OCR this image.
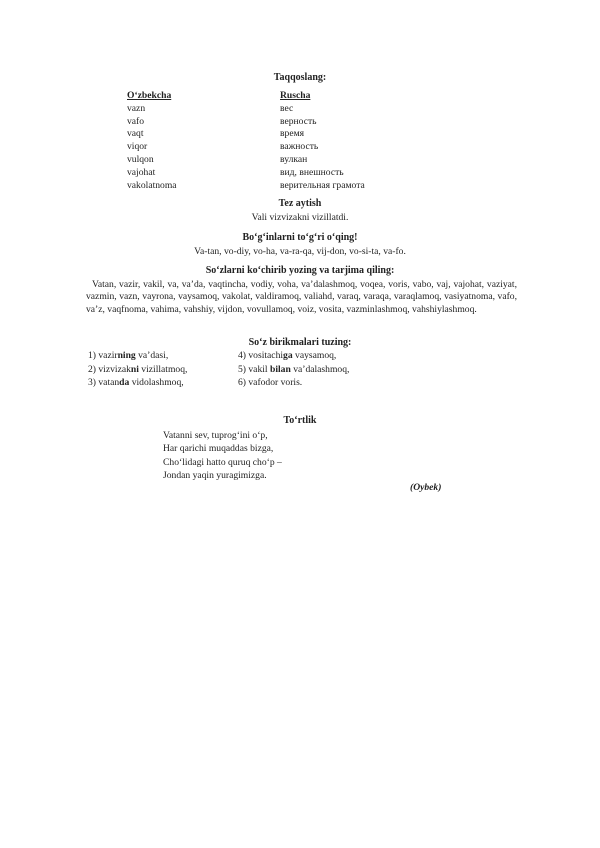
Taqqoslang:
O‘zbekcha	Ruscha
vazn	вес
vafo	верность
vaqt	время
viqor	важность
vulqon	вулкан
vajohat	вид, внешность
vakolatnoma	верительная грамота
Tez aytish
Vali vizvizakni vizillatdi.
Bo‘g‘inlarni to‘g‘ri o‘qing!
Va-tan, vo-diy, vo-ha, va-ra-qa, vij-don, vo-si-ta, va-fo.
So‘zlarni ko‘chirib yozing va tarjima qiling:
Vatan, vazir, vakil, va, va’da, vaqtincha, vodiy, voha, va’dalashmoq, voqea, voris, vabo, vaj, vajohat, vaziyat, vazmin, vazn, vayrona, vaysamoq, vakolat, valdiramoq, valiahd, varaq, varaqa, varaqlamoq, vasiyatnoma, vafo, va’z, vaqfnoma, vahima, vahshiy, vijdon, vovullamoq, voiz, vosita, vazminlashmoq, vahshiylashmoq.
So‘z birikmalari tuzing:
1) vazirning va’dasi,	4) vositachiga vaysamoq,
2) vizvizakni vizillatmoq,	5) vakil bilan va’dalashmoq,
3) vatanda vidolashmoq,	6) vafodor voris.
To‘rtlik
Vatanni sev, tuprog‘ini o‘p,
Har qarichi muqaddas bizga,
Cho‘lidagi hatto quruq cho‘p –
Jondan yaqin yuragimizga.
(Oybek)
